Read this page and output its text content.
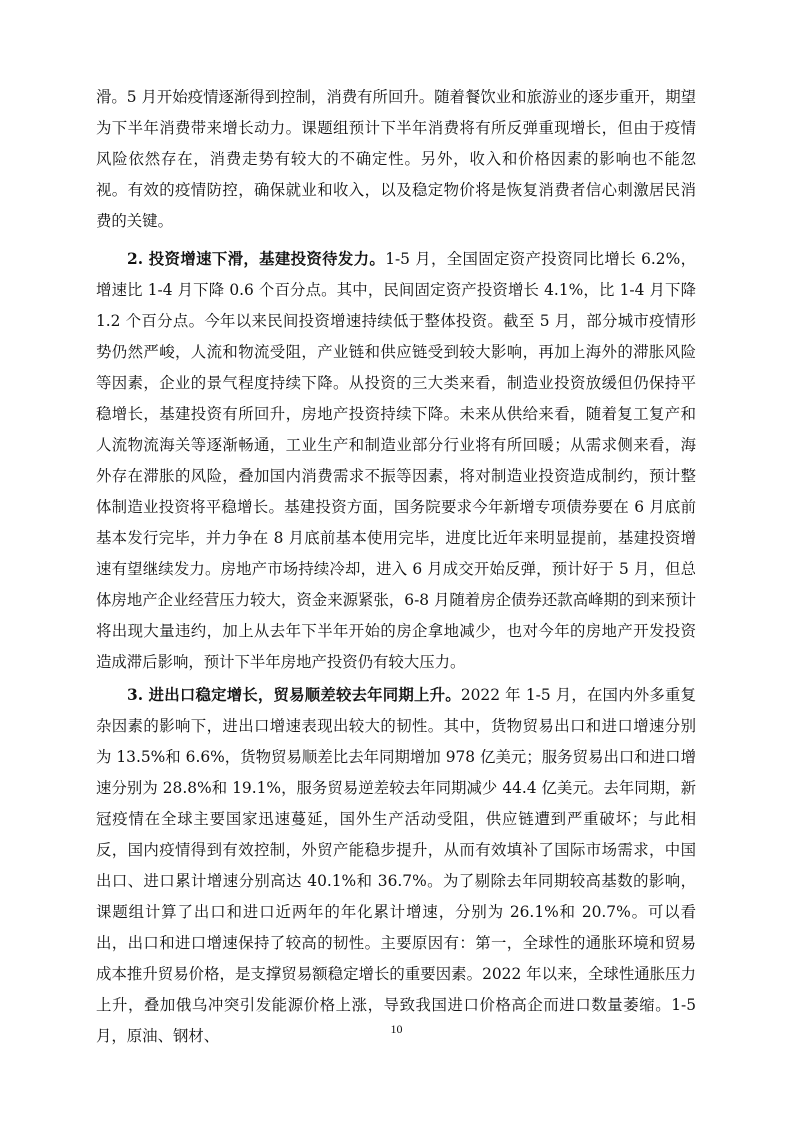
滑。5 月开始疫情逐渐得到控制，消费有所回升。随着餐饮业和旅游业的逐步重开，期望为下半年消费带来增长动力。课题组预计下半年消费将有所反弹重现增长，但由于疫情风险依然存在，消费走势有较大的不确定性。另外，收入和价格因素的影响也不能忽视。有效的疫情防控，确保就业和收入，以及稳定物价将是恢复消费者信心刺激居民消费的关键。

2. 投资增速下滑，基建投资待发力。1-5 月，全国固定资产投资同比增长 6.2%，增速比 1-4 月下降 0.6 个百分点。其中，民间固定资产投资增长 4.1%，比 1-4 月下降 1.2 个百分点。今年以来民间投资增速持续低于整体投资。截至 5 月，部分城市疫情形势仍然严峻，人流和物流受阻，产业链和供应链受到较大影响，再加上海外的滞胀风险等因素，企业的景气程度持续下降。从投资的三大类来看，制造业投资放缓但仍保持平稳增长，基建投资有所回升，房地产投资持续下降。未来从供给来看，随着复工复产和人流物流海关等逐渐畅通，工业生产和制造业部分行业将有所回暖；从需求侧来看，海外存在滞胀的风险，叠加国内消费需求不振等因素，将对制造业投资造成制约，预计整体制造业投资将平稳增长。基建投资方面，国务院要求今年新增专项债券要在 6 月底前基本发行完毕，并力争在 8 月底前基本使用完毕，进度比近年来明显提前，基建投资增速有望继续发力。房地产市场持续冷却，进入 6 月成交开始反弹，预计好于 5 月，但总体房地产企业经营压力较大，资金来源紧张，6-8 月随着房企债券还款高峰期的到来预计将出现大量违约，加上从去年下半年开始的房企拿地减少，也对今年的房地产开发投资造成滞后影响，预计下半年房地产投资仍有较大压力。

3. 进出口稳定增长，贸易顺差较去年同期上升。2022 年 1-5 月，在国内外多重复杂因素的影响下，进出口增速表现出较大的韧性。其中，货物贸易出口和进口增速分别为 13.5%和 6.6%，货物贸易顺差比去年同期增加 978 亿美元；服务贸易出口和进口增速分别为 28.8%和 19.1%，服务贸易逆差较去年同期减少 44.4 亿美元。去年同期，新冠疫情在全球主要国家迅速蔓延，国外生产活动受阻，供应链遭到严重破坏；与此相反，国内疫情得到有效控制，外贸产能稳步提升，从而有效填补了国际市场需求，中国出口、进口累计增速分别高达 40.1%和 36.7%。为了剔除去年同期较高基数的影响，课题组计算了出口和进口近两年的年化累计增速，分别为 26.1%和 20.7%。可以看出，出口和进口增速保持了较高的韧性。主要原因有：第一，全球性的通胀环境和贸易成本推升贸易价格，是支撑贸易额稳定增长的重要因素。2022 年以来，全球性通胀压力上升，叠加俄乌冲突引发能源价格上涨，导致我国进口价格高企而进口数量萎缩。1-5 月，原油、钢材、	10
